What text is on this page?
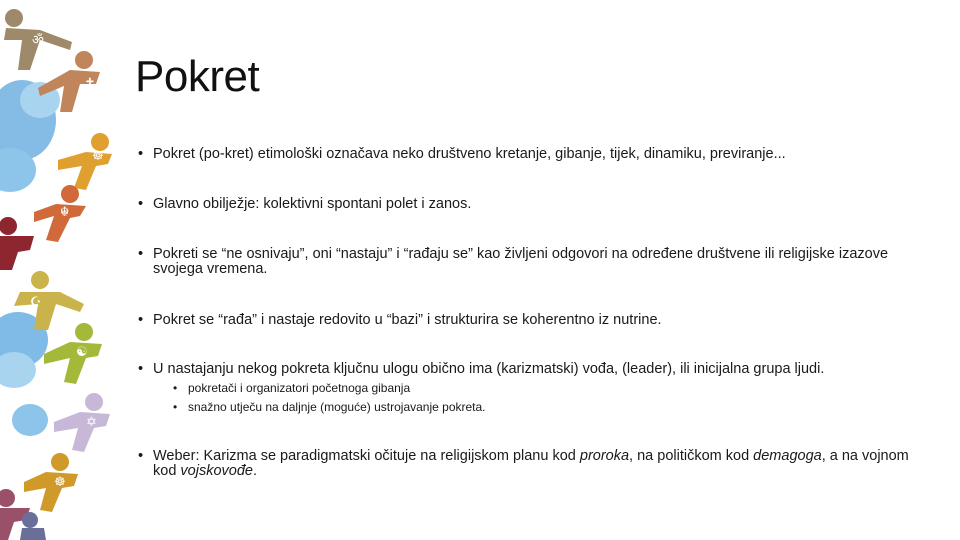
ॐ
✝
☸
☬
☪
☯
✡
☸
Pokret
• Pokret (po-kret) etimološki označava neko društveno kretanje, gibanje, tijek, dinamiku, previranje...
• Glavno obilježje: kolektivni spontani polet i zanos.
• Pokreti se “ne osnivaju”, oni “nastaju” i “rađaju se” kao življeni odgovori na određene društvene ili religijske izazove svojega vremena.
• Pokret se “rađa” i nastaje redovito u “bazi” i strukturira se koherentno iz nutrine.
• U nastajanju nekog pokreta ključnu ulogu obično ima (karizmatski) vođa, (leader), ili inicijalna grupa ljudi.
• pokretači i organizatori početnoga gibanja
• snažno utječu na daljnje (moguće) ustrojavanje pokreta.
• Weber: Karizma se paradigmatski očituje na religijskom planu kod proroka, na političkom kod demagoga, a na vojnom kod vojskovođe.
